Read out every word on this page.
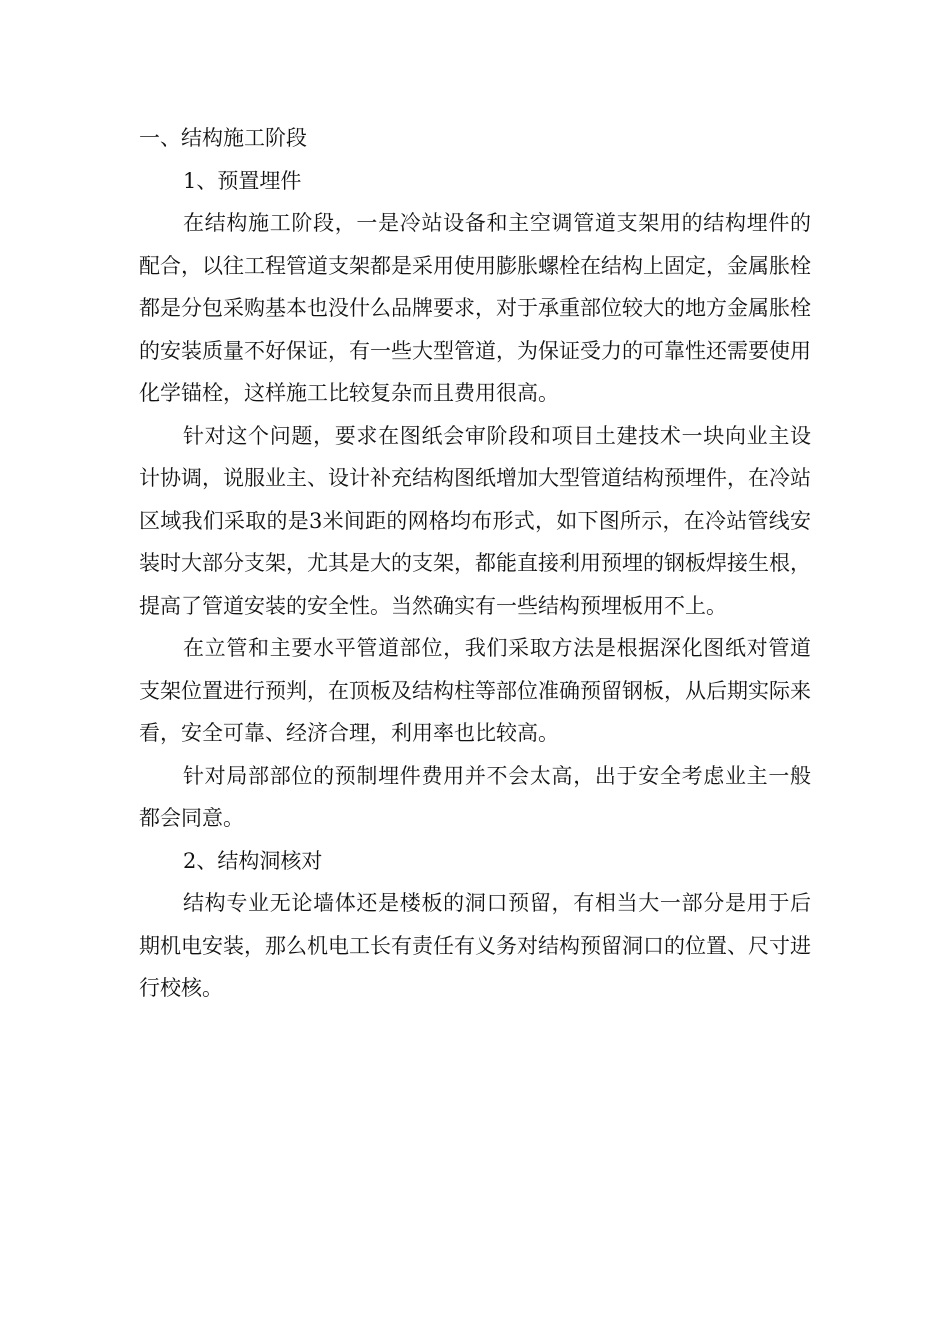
一、结构施工阶段

1、预置埋件

在结构施工阶段，一是冷站设备和主空调管道支架用的结构埋件的配合，以往工程管道支架都是采用使用膨胀螺栓在结构上固定，金属胀栓都是分包采购基本也没什么品牌要求，对于承重部位较大的地方金属胀栓的安装质量不好保证，有一些大型管道，为保证受力的可靠性还需要使用化学锚栓，这样施工比较复杂而且费用很高。

针对这个问题，要求在图纸会审阶段和项目土建技术一块向业主设计协调，说服业主、设计补充结构图纸增加大型管道结构预埋件，在冷站区域我们采取的是3米间距的网格均布形式，如下图所示，在冷站管线安装时大部分支架，尤其是大的支架，都能直接利用预埋的钢板焊接生根，提高了管道安装的安全性。当然确实有一些结构预埋板用不上。

在立管和主要水平管道部位，我们采取方法是根据深化图纸对管道支架位置进行预判，在顶板及结构柱等部位准确预留钢板，从后期实际来看，安全可靠、经济合理，利用率也比较高。

针对局部部位的预制埋件费用并不会太高，出于安全考虑业主一般都会同意。

2、结构洞核对

结构专业无论墙体还是楼板的洞口预留，有相当大一部分是用于后期机电安装，那么机电工长有责任有义务对结构预留洞口的位置、尺寸进行校核。
